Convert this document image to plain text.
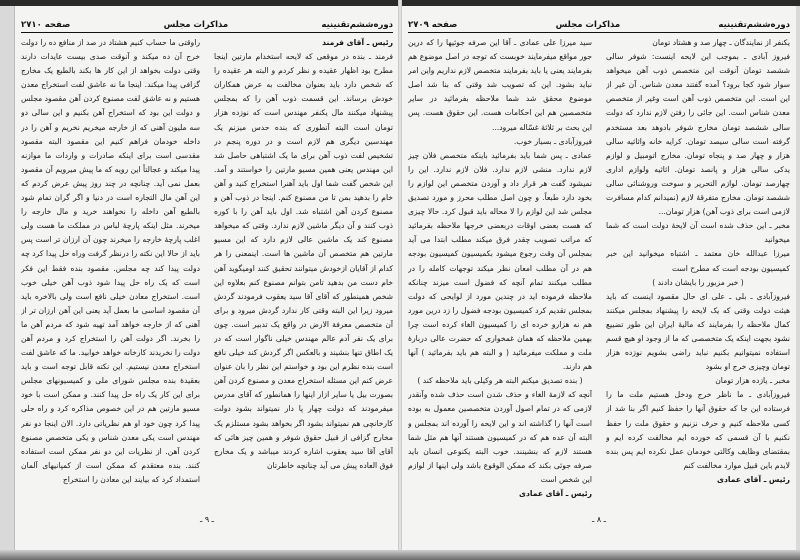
دوره‌ششم‌تقنینیه
مذاکرات مجلس
صفحه ۲۷۱۰

رئیس ـ آقای فرمند

فرمند ـ بنده در موقعی که لایحه استخدام مارتین اینجا مطرح بود اظهار عقیده و نظر کردم و البته هر عقیده را که شخص دارد باید بعنوان مخالفت به عرض همکاران خودش برساند. این قسمت ذوب آهن را که بمجلس پیشنهاد میکنند مال یکنفر مهندس است که نوزده هزار تومان است البته آنطوری که بنده حدس میزنم یک مهندسین دیگری هم لازم است و در دوره پنجم در تشخیص لفت ذوب آهن برای ما یک اشتباهی حاصل شد این مهندس یعنی همین مسیو مارتین را خواستند و آمد. این شخص گفت شما اول باید آهنرا استخراج کنید و آهن خام را بدهید بمن تا من مصنوع کنم. اینجا در ذوب آهن و مصنوع کردن آهن اشتباه شد. اول باید آهن را با کوره ذوب کنند و آن دیگر ماشین لازم ندارد. وقتی که میخواهد مصنوع کند یک ماشین عالی لازم دارد که این مسیو مارتین هم متخصص آن ماشین ها است. اینمعنی را هر کدام از آقایان ازخودش میتوانند تحقیق کنند اومیگوید آهن خام دست من بدهید تامن بتوانم مصنوع کنم بعلاوه این شخص همینطور که آقای آقا سید یعقوب فرمودند گردش میرود زیرا این البته وقتی کار ندارد گردش میرود و برای آن متخصص معرفة الارض در واقع یک تدبیر است. چون برای یک نفر آدم عالم مهندس خیلی ناگوار است که در یک اطاق تنها بنشیند و بالعکس اگر گردش کند خیلی نافع است بنده نظرم این بود و خواستم این نظر را بان عنوان عرض کنم این مسئله استخراج معدن و مصنوع کردن آهن بصورت بیل یا سایر ازار اینها را همانطور که آقای مدرس میفرمودند که دولت چهار پا دار نمیتواند بشود دولت کارخانچی هم نمیتواند بشود اگر بخواهد بشود مستلزم یک مخارج گزافی از قبیل حقوق شوفر و همین چیز هائی که آقای آقا سید یعقوب اشاره کردند میباشد و یک مخارج فوق العاده پیش می آید چنانچه خاطرتان

راوقتی ما حساب کنیم هشتاد در صد از منافع ده را دولت خرج آن ده میکند و آنوقت صدی بیست عایدات دارند وقتی دولت بخواهد از این کار ها بکند بالطبع یک مخارج گزافی پیدا میکند. اینجا ما نه عاشق لفت استخراج معدن هستیم و نه عاشق لفت مصنوع کردن آهن مقصود مجلس و دولت این بود که استخراج آهن بکنیم و این سالی دو سه ملیون آهنی که از خارجه میخریم نخریم و آهن را در داخله خودمان فراهم کنیم این مقصود البته مقصود مقدسی است برای اینکه صادرات و واردات ما موازنه پیدا میکند و عجالتاً این رویه که ما پیش میرویم آن مقصود بعمل نمی آید. چنانچه در چند روز پیش عرض کردم که این آهن مال التجاره است در دنیا و اگر گران تمام شود بالطبع آهن داخله را نخواهند خرید و مال خارجه را میخرند. مثل اینکه پارچهٔ لباس در مملکت ما هست ولی اغلب پارچهٔ خارجه را میخرند چون آن ارزان تر است پس باید از حالا این نکته را درنظر گرفت وراه حل پیدا کرد چه دولت پیدا کند چه مجلس. مقصود بنده فقط این فکر است که یک راه حل پیدا شود ذوب آهن خیلی خوب است. استخراج معادن خیلی نافع است ولی بالاخره باید آن مقصود اساسی ما بعمل آید یعنی این آهن ارزان تر از آهنی که از خارجه خواهد آمد تهیه شود که مردم آهن ما را بخرند. اگر دولت آهن را استخراج کرد و مردم آهن دولت را نخریدند کارخانه خواهد خوابید. ما که عاشق لفت استخراج معدن نیستیم. این نکته قابل توجه است و باید بعقیدهٔ بنده مجلس شورای ملی و کمیسیونهای مجلس برای این کار یک راه حل پیدا کنند. و ممکن است با خود مسیو مارتین هم در این خصوص مذاکره کرد و راه حلی پیدا کرد چون خود او هم نظریاتی دارد. الان اینجا دو نفر مهندس است یکی معدن شناس و یکی متخصص مصنوع کردن آهن. از نظریات این دو نفر ممکن است استفاده کنند. بنده معتقدم که ممکن است از کمپانیهای آلمان استمداد کرد که بیایند این معادن را استخراج

ـ ۹ ـ
دوره‌ششم‌تقنینیه
مذاکرات مجلس
صفحه ۲۷۰۹

یکنفر از نمایندگان ـ چهار صد و هشتاد تومان

فیروز آبادی ـ بموجب این لایحه اینست: شوفر سالی ششصد تومان آنوقت این متخصص ذوب آهن میخواهد سوار شود کجا برود؟ آمده گفتند معدن شناس. آن غیر از این است. این متخصص ذوب آهن است وغیر از متخصص معدن شناس است. این جائی را رفتن لازم ندارد که دولت سالی ششصد تومان مخارج شوفر بادوهد بعد مستخدم گرفته است سالی سیصد تومان. کرایه خانه واثاثیه سالی هزار و چهار صد و پنجاه تومان. مخارج اتومبیل و لوازم یدکی سالی هزار و پانصد تومان. اثاثیه ولوازم اداری چهارصد تومان. لوازم التحریر و سوخت وروشنائی سالی ششصد تومان. مخارج متفرقهٔ لازم (نمیدانم کدام مسافرت لازمی است برای ذوب آهن) هزار تومان...

مخبر ـ این حذف شده است آن لایحهٔ دولت است که شما میخوانید

میرزا عبدالله خان معتمد ـ اشتباه میخوانید این خبر کمیسیون بودجه است که مطرح است

( خبر مزبور را بایشان دادند )

فیروزآبادی ـ بلی ـ علی ای حال مقصود اینست که باید هیئت دولت وقتی که یک لایحه را پیشنهاد بمجلس میکنند کمال ملاحظه را بفرمایند که مالیهٔ ایران این طور تضییع نشود بجهت اینکه یک متخصصی که ما از وجود او هیچ قسم استفاده نمیتوانیم بکنیم نباید راضی بشویم نوزده هزار تومان وچیزی خرج او بشود

مخبر ـ یازده هزار تومان

فیروزآبادی ـ ما ناظر خرج ودخل هستیم ملت ما را فرستاده این جا که حقوق آنها را حفظ کنیم اگر بنا شد از کسی ملاحظه کنیم و حرف نزنیم و حقوق ملت را حفظ نکنیم با آن قسمی که خورده ایم مخالفت کرده ایم و بمقتضای وظایف وکالتی خودمان عمل نکرده ایم پس بنده لایدم باین قبیل موارد مخالفت کنم

رئیس ـ آقای عمادی

سید میرزا علی عمادی ـ آقا این صرفه جوئیها را که درین جور مواقع میفرمایند خوبست که توجه در اصل موضوع هم بفرمایند یعنی یا باید بفرمایند متخصص لازم نداریم واین امر نباید بشود. این که تصویب شد وقتی که بنا شد اصل موضوع محقق شد شما ملاحظه بفرمائید در سایر متخصصین هم این احکامات هست. این حقوق هست. پس این بحث بر ثلاثهٔ غسّاله میرود...

فیروزآبادی ـ بسیار خوب.

عمادی ـ پس شما باید بفرمائید باینکه متخصص فلان چیز لازم ندارد. منشی لازم ندارد. فلان لازم ندارد. این را نمیشود گفت هر قرار داد و آوردن متخصص این لوازم را بخود دارد طبعاً. و چون اصل مطلب محرز و مورد تصدیق مجلس شد این لوازم را لا محاله باید قبول کرد. حالا چیزی که هست بعضی اوقات دربعضی خرجها ملاحظه بفرمائید که مراتب تصویب چقدر فرق میکند مطلب ابتدا می آید بمجلس آن وقت رجوع میشود بکمیسیون کمیسیون بودجه هم در آن مطلب امعان نظر میکند توجهات کامله را در مطلب میکنند تمام آنچه که فضول است میزند چنانکه ملاحظه فرموده اید در چندین مورد از لوایحی که دولت بمجلس تقدیم کرد کمیسیون بودجه فضول را زد درین مورد هم نه هزارو خرده ای را کمیسیون الغاء کرده است چرا بهمین ملاحظه که همان غمخواری که حضرت عالی دربارهٔ ملت و مملکت میفرمائید ( و البته هم باید بفرمائید ) آنها هم دارند.

( بنده تصدیق میکنم البته هر وکیلی باید ملاحظه کند )

آنچه که لازمهٔ الغاء و حذف شدن است حذف شده وآنقدر لازمی که در تمام اصول آوردن متخصصین معمول به بوده است آنها را گذاشته اند و این لایحه را آورده اند بمجلس و البته آن عده هم که در کمیسیون هستند آنها هم مثل شما هستند لازم که بنشینند. خوب البته یکنوعی انسان باید صرفه جوئی بکند که ممکن الوقوع باشد ولی اینها از لوازم این شخص است

رئیس ـ آقای عمادی

ـ ۸ ـ
